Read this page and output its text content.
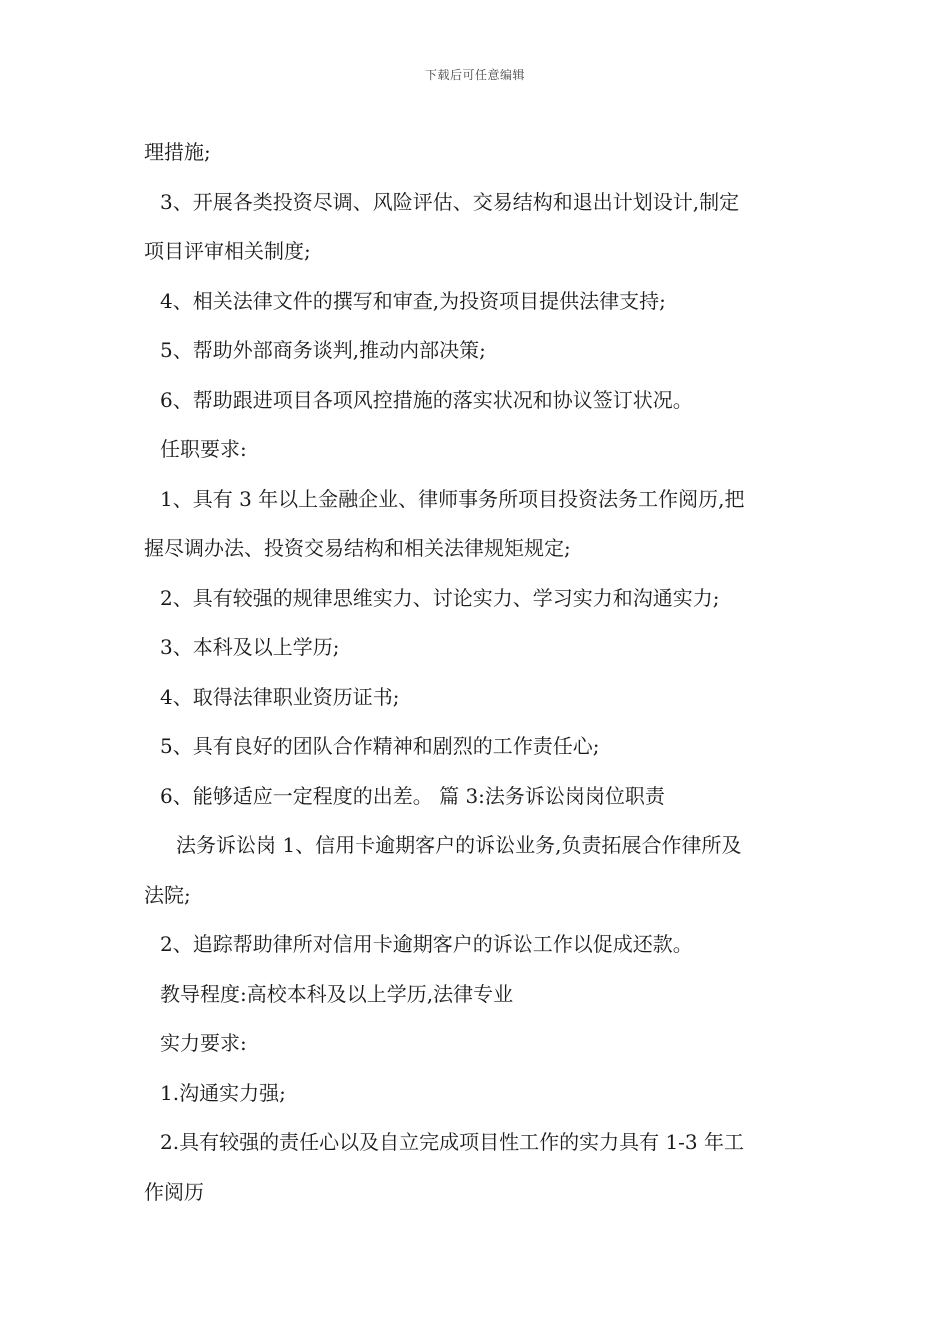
下载后可任意编辑
理措施;
3、开展各类投资尽调、风险评估、交易结构和退出计划设计,制定
项目评审相关制度;
4、相关法律文件的撰写和审查,为投资项目提供法律支持;
5、帮助外部商务谈判,推动内部决策;
6、帮助跟进项目各项风控措施的落实状况和协议签订状况。
任职要求:
1、具有 3 年以上金融企业、律师事务所项目投资法务工作阅历,把
握尽调办法、投资交易结构和相关法律规矩规定;
2、具有较强的规律思维实力、讨论实力、学习实力和沟通实力;
3、本科及以上学历;
4、取得法律职业资历证书;
5、具有良好的团队合作精神和剧烈的工作责任心;
6、能够适应一定程度的出差。 篇 3:法务诉讼岗岗位职责
法务诉讼岗 1、信用卡逾期客户的诉讼业务,负责拓展合作律所及
法院;
2、追踪帮助律所对信用卡逾期客户的诉讼工作以促成还款。
教导程度:高校本科及以上学历,法律专业
实力要求:
1.沟通实力强;
2.具有较强的责任心以及自立完成项目性工作的实力具有 1-3 年工
作阅历
